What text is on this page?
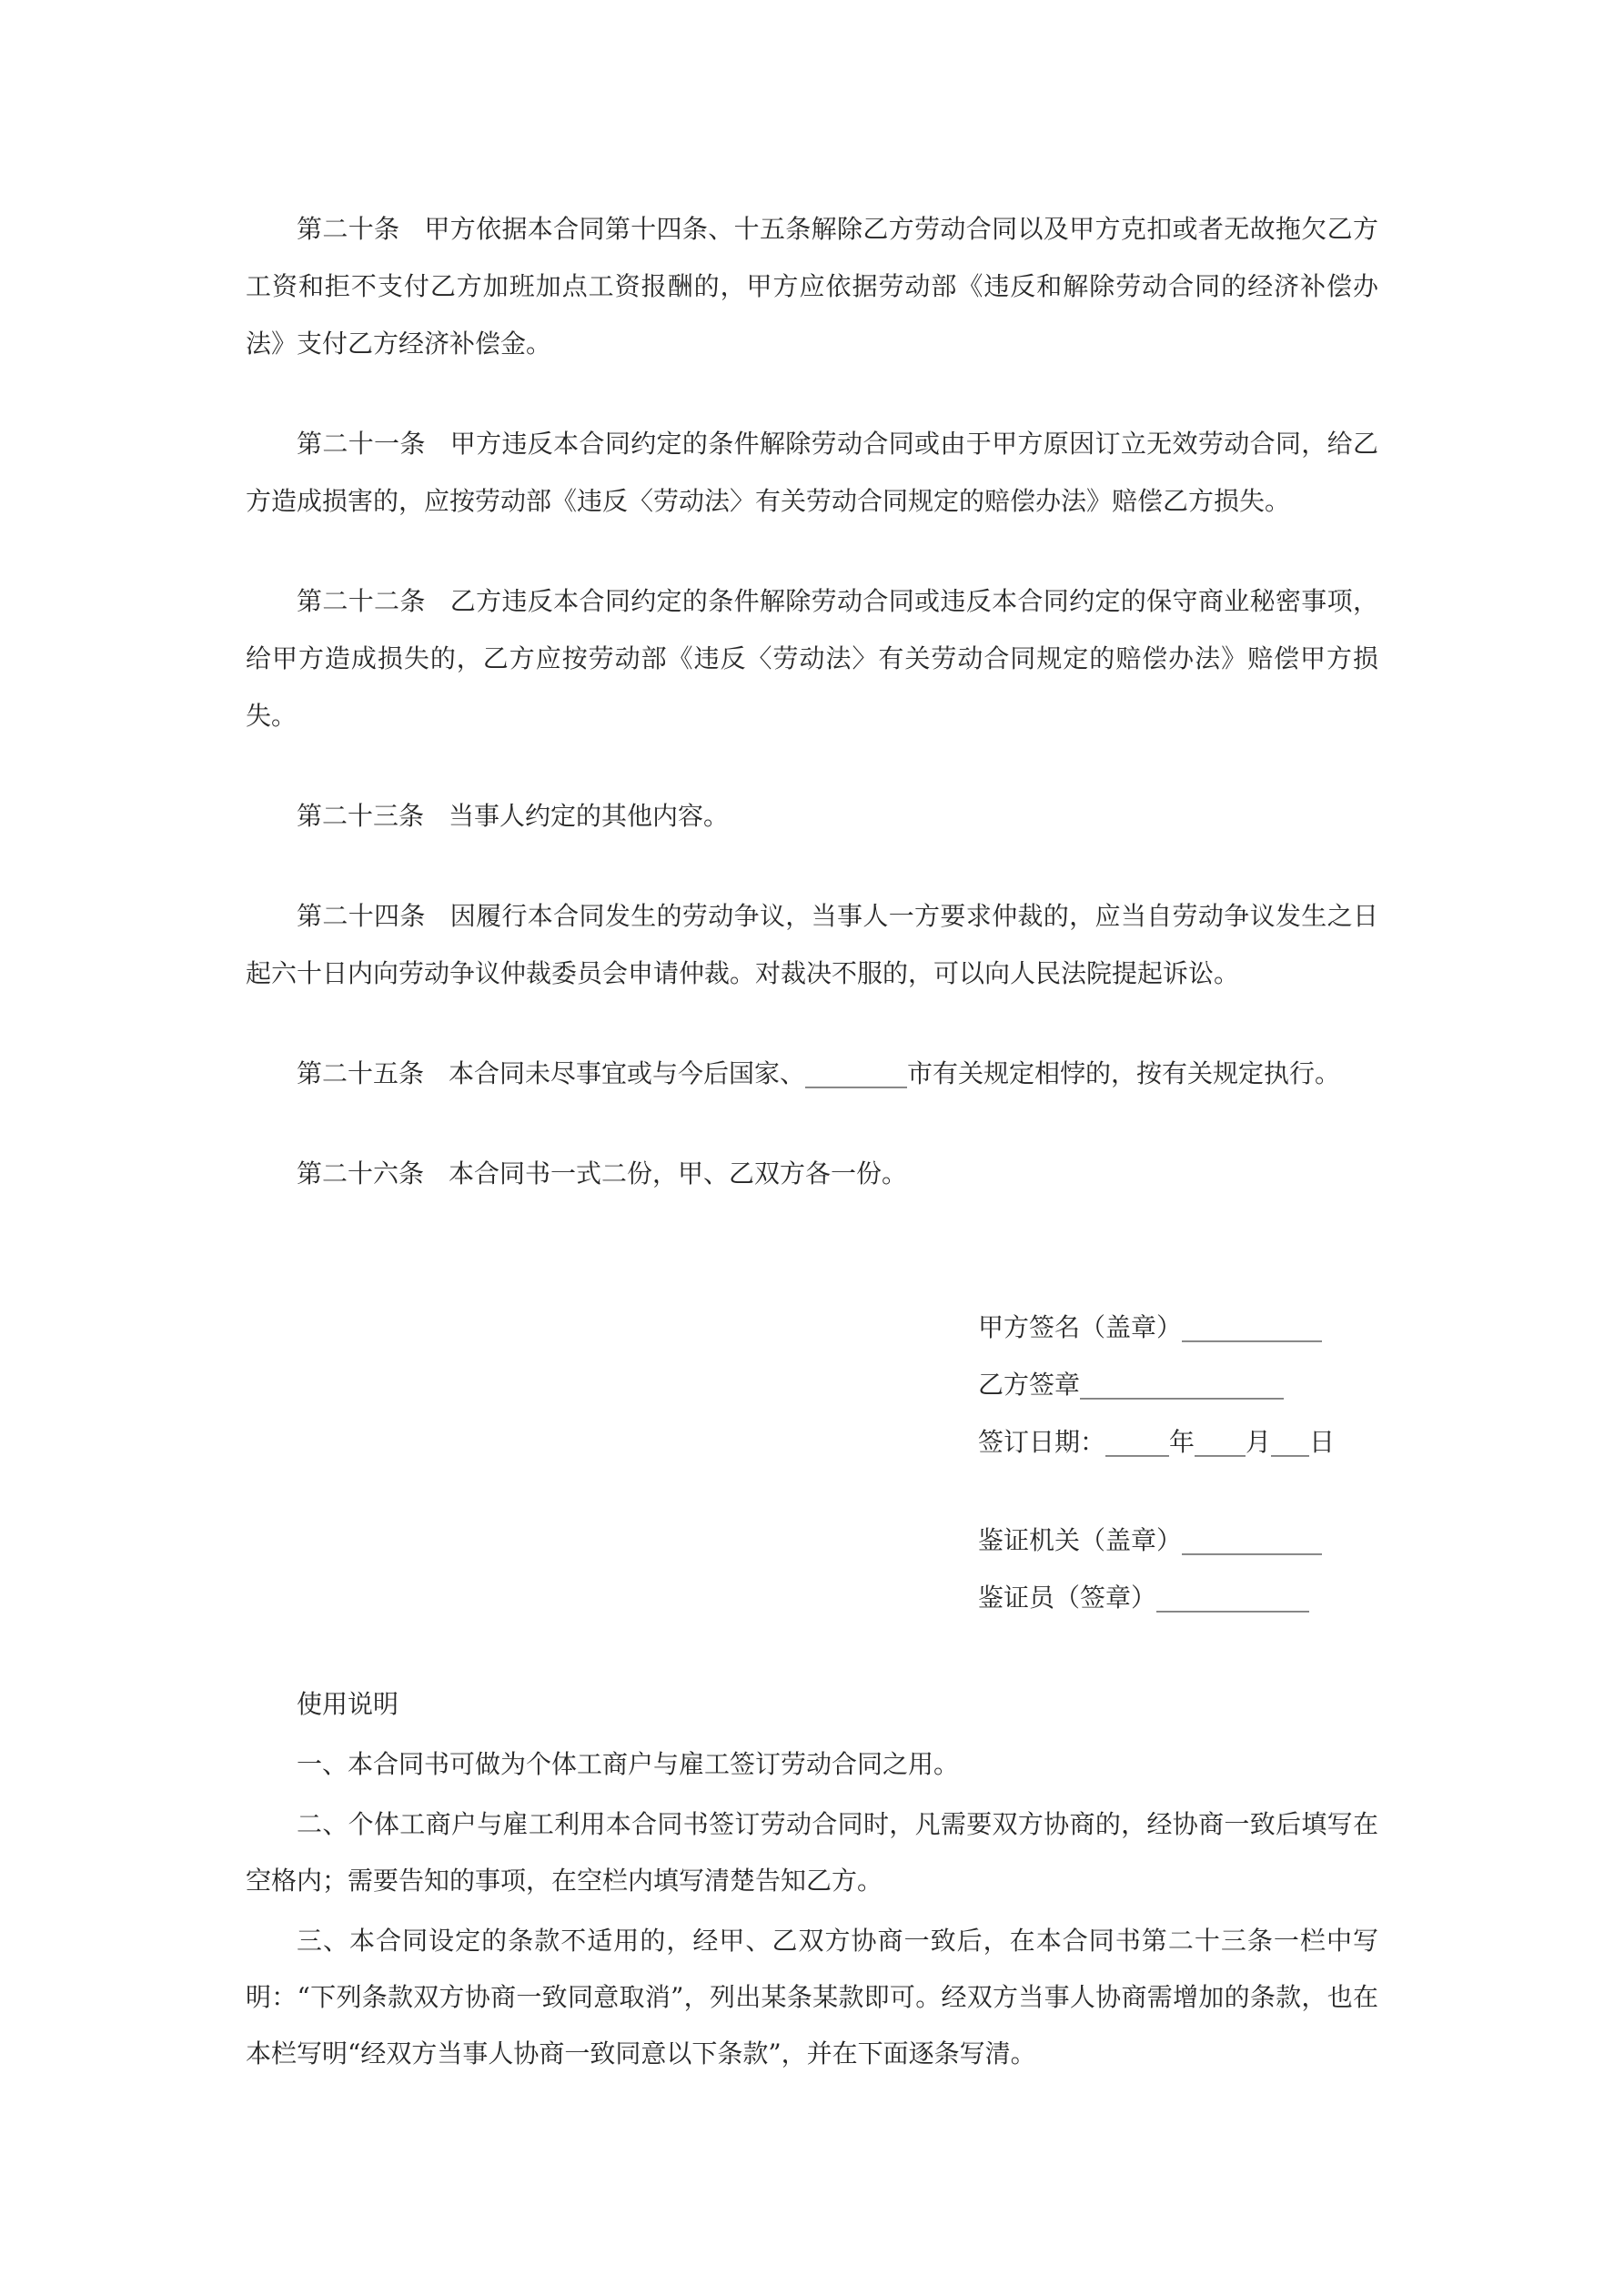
第二十条 甲方依据本合同第十四条、十五条解除乙方劳动合同以及甲方克扣或者无故拖欠乙方工资和拒不支付乙方加班加点工资报酬的，甲方应依据劳动部《违反和解除劳动合同的经济补偿办法》支付乙方经济补偿金。

第二十一条 甲方违反本合同约定的条件解除劳动合同或由于甲方原因订立无效劳动合同，给乙方造成损害的，应按劳动部《违反〈劳动法〉有关劳动合同规定的赔偿办法》赔偿乙方损失。

第二十二条 乙方违反本合同约定的条件解除劳动合同或违反本合同约定的保守商业秘密事项，给甲方造成损失的，乙方应按劳动部《违反〈劳动法〉有关劳动合同规定的赔偿办法》赔偿甲方损失。

第二十三条 当事人约定的其他内容。

第二十四条 因履行本合同发生的劳动争议，当事人一方要求仲裁的，应当自劳动争议发生之日起六十日内向劳动争议仲裁委员会申请仲裁。对裁决不服的，可以向人民法院提起诉讼。

第二十五条 本合同未尽事宜或与今后国家、________市有关规定相悖的，按有关规定执行。

第二十六条 本合同书一式二份，甲、乙双方各一份。

甲方签名（盖章）___________

乙方签章________________

签订日期：_____年____月___日

鉴证机关（盖章）___________

鉴证员（签章）____________

使用说明

一、本合同书可做为个体工商户与雇工签订劳动合同之用。

二、个体工商户与雇工利用本合同书签订劳动合同时，凡需要双方协商的，经协商一致后填写在空格内；需要告知的事项，在空栏内填写清楚告知乙方。

三、本合同设定的条款不适用的，经甲、乙双方协商一致后，在本合同书第二十三条一栏中写明：“下列条款双方协商一致同意取消”，列出某条某款即可。经双方当事人协商需增加的条款，也在本栏写明“经双方当事人协商一致同意以下条款”，并在下面逐条写清。
